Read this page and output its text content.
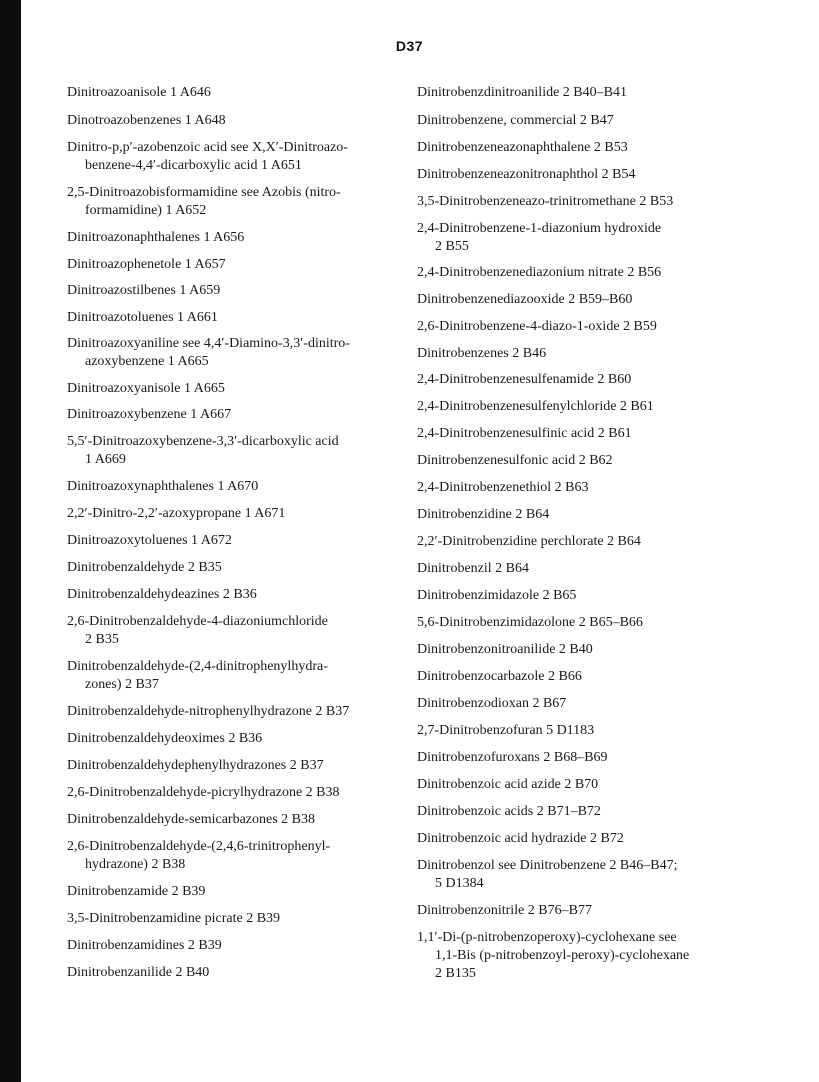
D37
Dinitroazoanisole 1 A646
Dinotroazobenzenes 1 A648
Dinitro-p,p′-azobenzoic acid see X,X′-Dinitroazo-
benzene-4,4′-dicarboxylic acid 1 A651
2,5-Dinitroazobisformamidine see Azobis (nitro-
formamidine) 1 A652
Dinitroazonaphthalenes 1 A656
Dinitroazophenetole 1 A657
Dinitroazostilbenes 1 A659
Dinitroazotoluenes 1 A661
Dinitroazoxyaniline see 4,4′-Diamino-3,3′-dinitro-
azoxybenzene 1 A665
Dinitroazoxyanisole 1 A665
Dinitroazoxybenzene 1 A667
5,5′-Dinitroazoxybenzene-3,3′-dicarboxylic acid
1 A669
Dinitroazoxynaphthalenes 1 A670
2,2′-Dinitro-2,2′-azoxypropane 1 A671
Dinitroazoxytoluenes 1 A672
Dinitrobenzaldehyde 2 B35
Dinitrobenzaldehydeazines 2 B36
2,6-Dinitrobenzaldehyde-4-diazoniumchloride
2 B35
Dinitrobenzaldehyde-(2,4-dinitrophenylhydra-
zones) 2 B37
Dinitrobenzaldehyde-nitrophenylhydrazone 2 B37
Dinitrobenzaldehydeoximes 2 B36
Dinitrobenzaldehydephenylhydrazones 2 B37
2,6-Dinitrobenzaldehyde-picrylhydrazone 2 B38
Dinitrobenzaldehyde-semicarbazones 2 B38
2,6-Dinitrobenzaldehyde-(2,4,6-trinitrophenyl-
hydrazone) 2 B38
Dinitrobenzamide 2 B39
3,5-Dinitrobenzamidine picrate 2 B39
Dinitrobenzamidines 2 B39
Dinitrobenzanilide 2 B40
Dinitrobenzdinitroanilide 2 B40–B41
Dinitrobenzene, commercial 2 B47
Dinitrobenzeneazonaphthalene 2 B53
Dinitrobenzeneazonitronaphthol 2 B54
3,5-Dinitrobenzeneazo-trinitromethane 2 B53
2,4-Dinitrobenzene-1-diazonium hydroxide
2 B55
2,4-Dinitrobenzenediazonium nitrate 2 B56
Dinitrobenzenediazooxide 2 B59–B60
2,6-Dinitrobenzene-4-diazo-1-oxide 2 B59
Dinitrobenzenes 2 B46
2,4-Dinitrobenzenesulfenamide 2 B60
2,4-Dinitrobenzenesulfenylchloride 2 B61
2,4-Dinitrobenzenesulfinic acid 2 B61
Dinitrobenzenesulfonic acid 2 B62
2,4-Dinitrobenzenethiol 2 B63
Dinitrobenzidine 2 B64
2,2′-Dinitrobenzidine perchlorate 2 B64
Dinitrobenzil 2 B64
Dinitrobenzimidazole 2 B65
5,6-Dinitrobenzimidazolone 2 B65–B66
Dinitrobenzonitroanilide 2 B40
Dinitrobenzocarbazole 2 B66
Dinitrobenzodioxan 2 B67
2,7-Dinitrobenzofuran 5 D1183
Dinitrobenzofuroxans 2 B68–B69
Dinitrobenzoic acid azide 2 B70
Dinitrobenzoic acids 2 B71–B72
Dinitrobenzoic acid hydrazide 2 B72
Dinitrobenzol see Dinitrobenzene 2 B46–B47;
5 D1384
Dinitrobenzonitrile 2 B76–B77
1,1′-Di-(p-nitrobenzoperoxy)-cyclohexane see
1,1-Bis (p-nitrobenzoyl-peroxy)-cyclohexane
2 B135
